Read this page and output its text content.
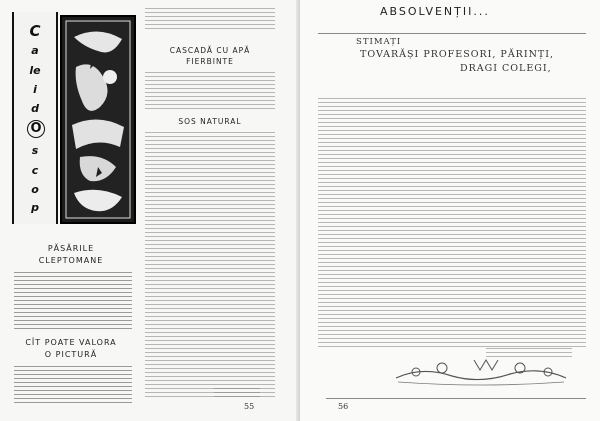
C
a
le
i
d
O
s
c
o
p
PĂSĂRILE
CLEPTOMANE
CÎT POATE VALORA
O PICTURĂ
CASCADĂ CU APĂ
FIERBINTE
SOS NATURAL
55
ABSOLVENȚII...
STIMAȚI
TOVARĂȘI PROFESORI, PĂRINȚI,
DRAGI COLEGI,
56
